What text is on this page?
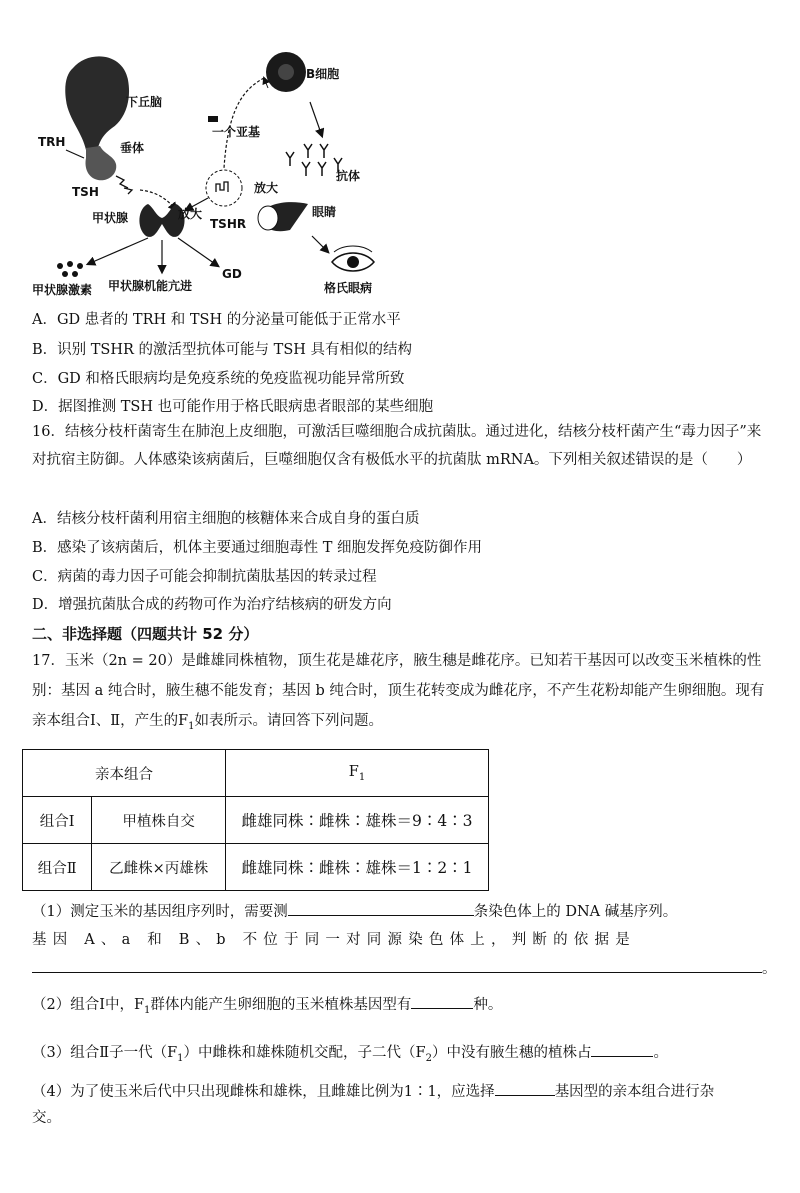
下丘脑
TRH	垂体
TSH
甲状腺	放大
TSHR
放大
B细胞
一个亚基
抗体
眼睛
格氏眼病
甲状腺激素 甲状腺机能亢进
GD
A．GD 患者的 TRH 和 TSH 的分泌量可能低于正常水平
B．识别 TSHR 的激活型抗体可能与 TSH 具有相似的结构
C．GD 和格氏眼病均是免疫系统的免疫监视功能异常所致
D．据图推测 TSH 也可能作用于格氏眼病患者眼部的某些细胞
16．结核分枝杆菌寄生在肺泡上皮细胞，可激活巨噬细胞合成抗菌肽。通过进化，结核分枝杆菌产生“毒力因子”来对抗宿主防御。人体感染该病菌后，巨噬细胞仅含有极低水平的抗菌肽 mRNA。下列相关叙述错误的是（　　）
A．结核分枝杆菌利用宿主细胞的核糖体来合成自身的蛋白质
B．感染了该病菌后，机体主要通过细胞毒性 T 细胞发挥免疫防御作用
C．病菌的毒力因子可能会抑制抗菌肽基因的转录过程
D．增强抗菌肽合成的药物可作为治疗结核病的研发方向
二、非选择题（四题共计 52 分）
17．玉米（2n = 20）是雌雄同株植物，顶生花是雄花序，腋生穗是雌花序。已知若干基因可以改变玉米植株的性别：基因 a 纯合时，腋生穗不能发育；基因 b 纯合时，顶生花转变成为雌花序，不产生花粉却能产生卵细胞。现有亲本组合Ⅰ、Ⅱ，产生的$F_1$如表所示。请回答下列问题。
亲本组合		$F_1$
组合Ⅰ	甲植株自交	雌雄同株∶雌株∶雄株＝9∶4∶3
组合Ⅱ	乙雌株×丙雄株	雌雄同株∶雌株∶雄株＝1∶2∶1
（1）测定玉米的基因组序列时，需要测	条染色体上的 DNA 碱基序列。
基因 A、a 和 B、b 不位于同一对同源染色体上，判断的依据是
。
（2）组合Ⅰ中，$F_1$群体内能产生卵细胞的玉米植株基因型有	种。
（3）组合Ⅱ子一代$(F_1)$中雌株和雄株随机交配，子二代$(F_2)$中没有腋生穗的植株占	。
（4）为了使玉米后代中只出现雌株和雄株，且雌雄比例为1∶1，应选择	基因型的亲本组合进行杂
交。
